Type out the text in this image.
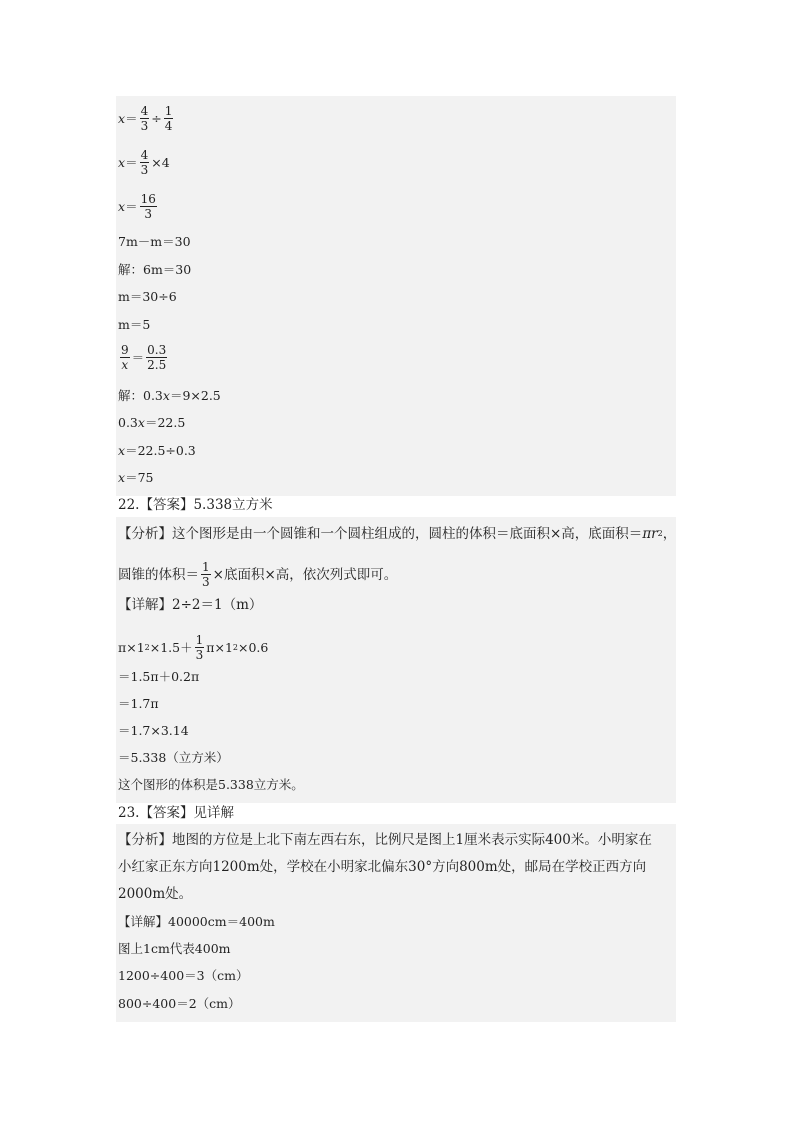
$x = \frac{4}{3} \div \frac{1}{4}$
$x = \frac{4}{3} \times 4$
$x = \frac{16}{3}$
7m－m＝30
解：6m＝30
m＝30÷6
m＝5
$\frac{9}{x} = \frac{0.3}{2.5}$
解：0.3 x ＝9×2.5
0.3 x ＝22.5
x ＝22.5÷0.3
x ＝75
22.【答案】5.338立方米
【分析】这个图形是由一个圆锥和一个圆柱组成的，圆柱的体积＝底面积×高，底面积＝ πr 2 ，
圆锥的体积＝ $\frac{1}{3}$ ×底面积×高，依次列式即可。
【详解】2÷2＝1（m）
π×1 $2 \times 1.5+ \frac{1}{3} \pi\times 1$ 2 ×0.6
＝1.5π＋0.2π
＝1.7π
＝1.7×3.14
＝5.338（立方米）
这个图形的体积是5.338立方米。
23.【答案】见详解
【分析】地图的方位是上北下南左西右东，比例尺是图上1厘米表示实际400米。小明家在
小红家正东方向1200m处，学校在小明家北偏东30°方向800m处，邮局在学校正西方向
2000m处。
【详解】40000cm＝400m
图上1cm代表400m
1200÷400＝3（cm）
800÷400＝2（cm）
